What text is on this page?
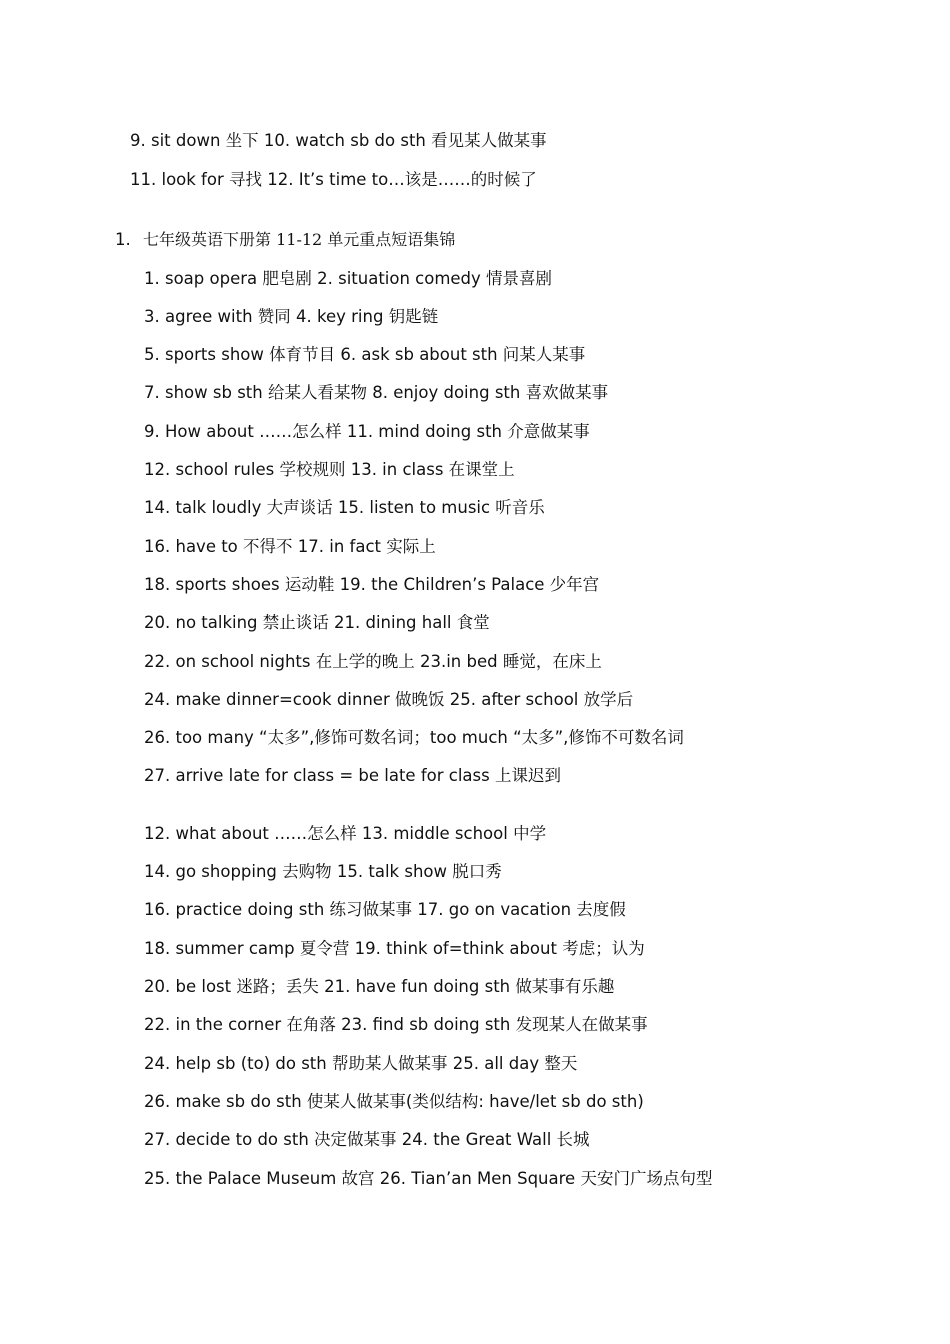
9. sit down 坐下 10. watch sb do sth 看见某人做某事
11. look for 寻找 12. It’s time to…该是……的时候了
1. 七年级英语下册第 11-12 单元重点短语集锦
1. soap opera 肥皂剧 2. situation comedy 情景喜剧
3. agree with 赞同 4. key ring 钥匙链
5. sports show 体育节目 6. ask sb about sth 问某人某事
7. show sb sth 给某人看某物 8. enjoy doing sth 喜欢做某事
9. How about ……怎么样 11. mind doing sth 介意做某事
12. school rules 学校规则 13. in class 在课堂上
14. talk loudly 大声谈话 15. listen to music 听音乐
16. have to 不得不 17. in fact 实际上
18. sports shoes 运动鞋 19. the Children’s Palace 少年宫
20. no talking 禁止谈话 21. dining hall 食堂
22. on school nights 在上学的晚上 23.in bed 睡觉，在床上
24. make dinner=cook dinner 做晚饭 25. after school 放学后
26. too many “太多”,修饰可数名词；too much “太多”,修饰不可数名词
27. arrive late for class = be late for class 上课迟到
12. what about ……怎么样 13. middle school 中学
14. go shopping 去购物 15. talk show 脱口秀
16. practice doing sth 练习做某事 17. go on vacation 去度假
18. summer camp 夏令营 19. think of=think about 考虑；认为
20. be lost 迷路；丢失 21. have fun doing sth 做某事有乐趣
22. in the corner 在角落 23. find sb doing sth 发现某人在做某事
24. help sb (to) do sth 帮助某人做某事 25. all day 整天
26. make sb do sth 使某人做某事(类似结构: have/let sb do sth)
27. decide to do sth 决定做某事 24. the Great Wall 长城
25. the Palace Museum 故宫 26. Tian’an Men Square 天安门广场点句型
